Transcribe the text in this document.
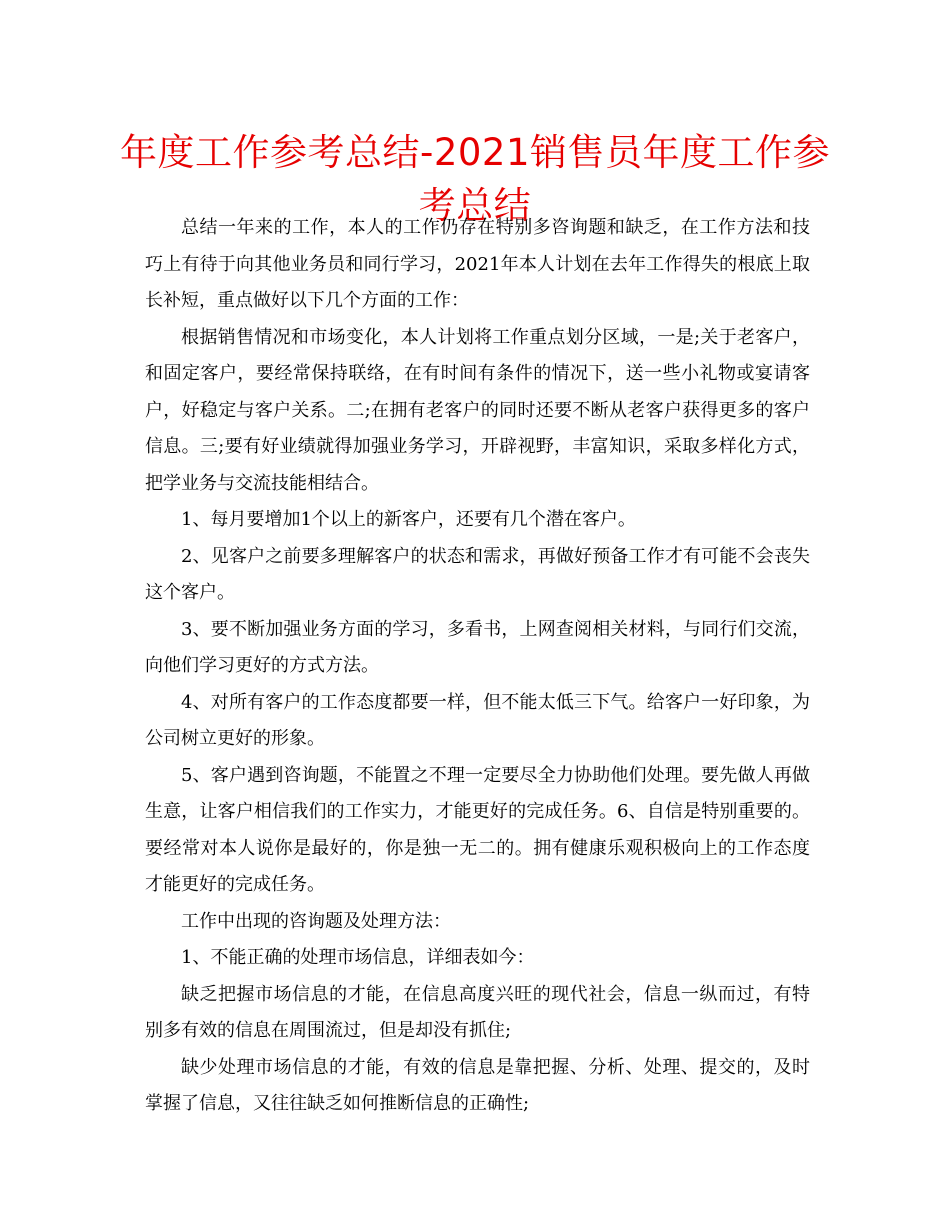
年度工作参考总结-2021销售员年度工作参考总结

总结一年来的工作，本人的工作仍存在特别多咨询题和缺乏，在工作方法和技巧上有待于向其他业务员和同行学习，2021年本人计划在去年工作得失的根底上取长补短，重点做好以下几个方面的工作：

根据销售情况和市场变化，本人计划将工作重点划分区域，一是;关于老客户，和固定客户，要经常保持联络，在有时间有条件的情况下，送一些小礼物或宴请客户，好稳定与客户关系。二;在拥有老客户的同时还要不断从老客户获得更多的客户信息。三;要有好业绩就得加强业务学习，开辟视野，丰富知识，采取多样化方式，把学业务与交流技能相结合。

1、每月要增加1个以上的新客户，还要有几个潜在客户。

2、见客户之前要多理解客户的状态和需求，再做好预备工作才有可能不会丧失这个客户。

3、要不断加强业务方面的学习，多看书，上网查阅相关材料，与同行们交流，向他们学习更好的方式方法。

4、对所有客户的工作态度都要一样，但不能太低三下气。给客户一好印象，为公司树立更好的形象。

5、客户遇到咨询题，不能置之不理一定要尽全力协助他们处理。要先做人再做生意，让客户相信我们的工作实力，才能更好的完成任务。6、自信是特别重要的。要经常对本人说你是最好的，你是独一无二的。拥有健康乐观积极向上的工作态度才能更好的完成任务。

工作中出现的咨询题及处理方法：

1、不能正确的处理市场信息，详细表如今：

缺乏把握市场信息的才能，在信息高度兴旺的现代社会，信息一纵而过，有特别多有效的信息在周围流过，但是却没有抓住;

缺少处理市场信息的才能，有效的信息是靠把握、分析、处理、提交的，及时掌握了信息，又往往缺乏如何推断信息的正确性;
